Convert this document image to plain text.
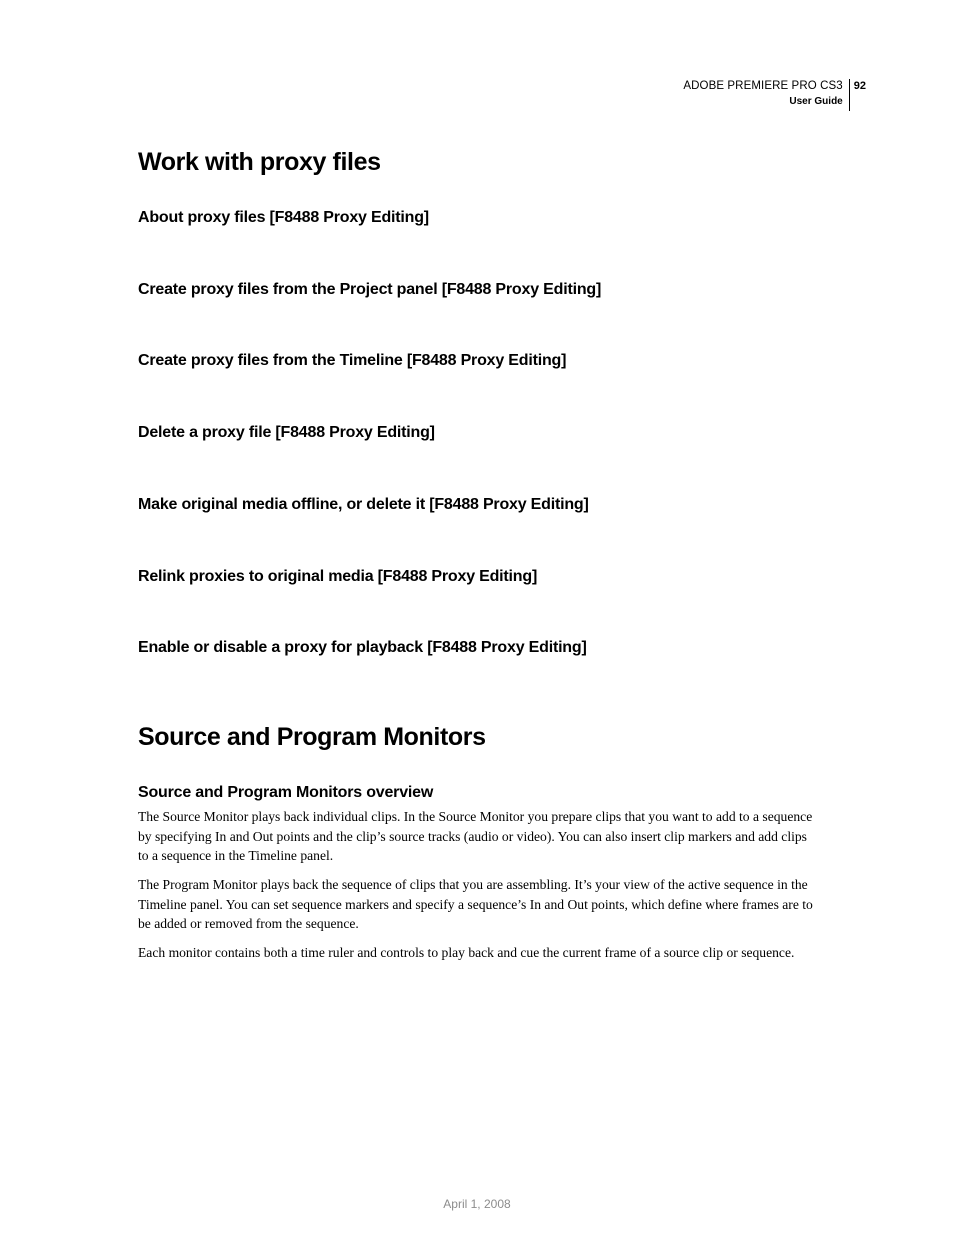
ADOBE PREMIERE PRO CS3
User Guide
92
Work with proxy files
About proxy files [F8488 Proxy Editing]
Create proxy files from the Project panel [F8488 Proxy Editing]
Create proxy files from the Timeline [F8488 Proxy Editing]
Delete a proxy file [F8488 Proxy Editing]
Make original media offline, or delete it [F8488 Proxy Editing]
Relink proxies to original media [F8488 Proxy Editing]
Enable or disable a proxy for playback [F8488 Proxy Editing]
Source and Program Monitors
Source and Program Monitors overview

The Source Monitor plays back individual clips. In the Source Monitor you prepare clips that you want to add to a sequence by specifying In and Out points and the clip’s source tracks (audio or video). You can also insert clip markers and add clips to a sequence in the Timeline panel.

The Program Monitor plays back the sequence of clips that you are assembling. It’s your view of the active sequence in the Timeline panel. You can set sequence markers and specify a sequence’s In and Out points, which define where frames are to be added or removed from the sequence.

Each monitor contains both a time ruler and controls to play back and cue the current frame of a source clip or sequence.

April 1, 2008
